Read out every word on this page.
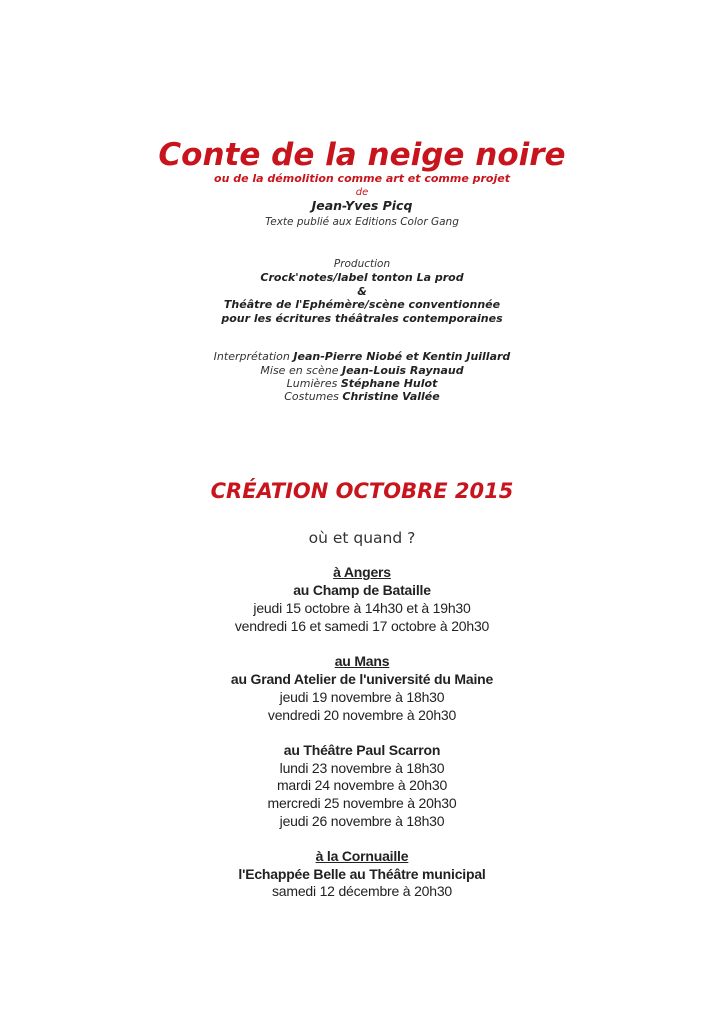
Conte de la neige noire
ou de la démolition comme art et comme projet
de
Jean-Yves Picq
Texte publié aux Editions Color Gang
Production
Crock'notes/label tonton La prod
&
Théâtre de l'Ephémère/scène conventionnée
pour les écritures théâtrales contemporaines
Interprétation Jean-Pierre Niobé et Kentin Juillard
Mise en scène Jean-Louis Raynaud
Lumières Stéphane Hulot
Costumes Christine Vallée
CRÉATION OCTOBRE 2015
où et quand ?
à Angers
au Champ de Bataille
jeudi 15 octobre à 14h30 et à 19h30
vendredi 16 et samedi 17 octobre à 20h30
au Mans
au Grand Atelier de l'université du Maine
jeudi 19 novembre à 18h30
vendredi 20 novembre à 20h30
au Théâtre Paul Scarron
lundi 23 novembre à 18h30
mardi 24 novembre à 20h30
mercredi 25 novembre à 20h30
jeudi 26 novembre à 18h30
à la Cornuaille
l'Echappée Belle au Théâtre municipal
samedi 12 décembre à 20h30
